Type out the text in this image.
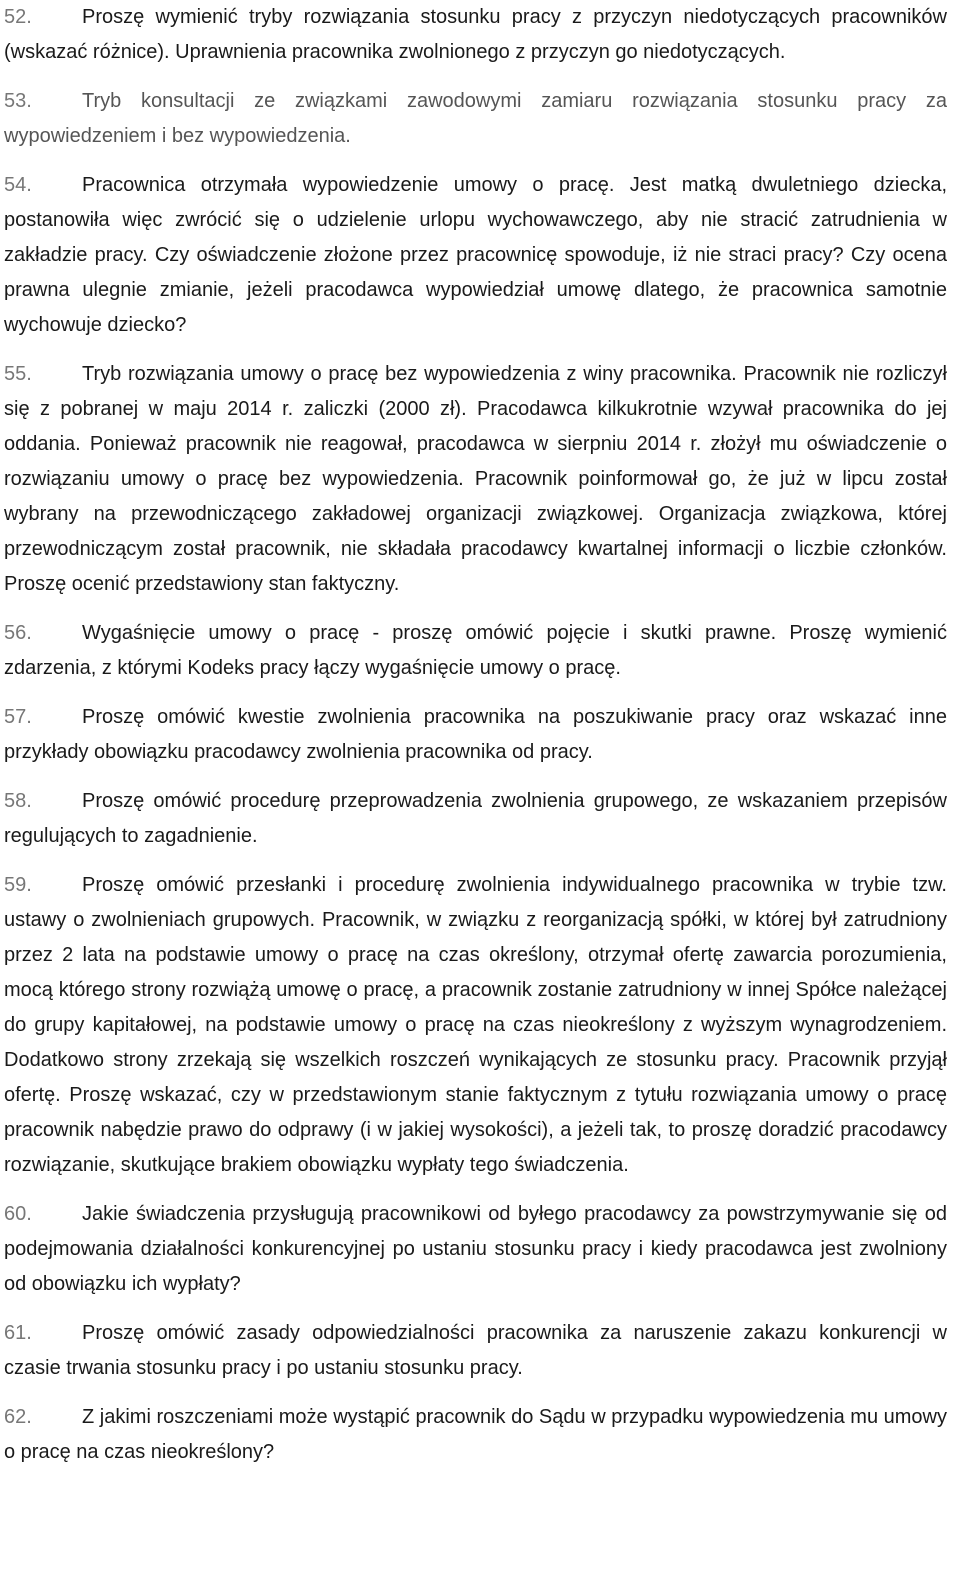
52.	Proszę wymienić tryby rozwiązania stosunku pracy z przyczyn niedotyczących pracowników (wskazać różnice). Uprawnienia pracownika zwolnionego z przyczyn go niedotyczących.

53.	Tryb konsultacji ze związkami zawodowymi zamiaru rozwiązania stosunku pracy za wypowiedzeniem i bez wypowiedzenia.

54.	Pracownica otrzymała wypowiedzenie umowy o pracę. Jest matką dwuletniego dziecka, postanowiła więc zwrócić się o udzielenie urlopu wychowawczego, aby nie stracić zatrudnienia w zakładzie pracy. Czy oświadczenie złożone przez pracownicę spowoduje, iż nie straci pracy? Czy ocena prawna ulegnie zmianie, jeżeli pracodawca wypowiedział umowę dlatego, że pracownica samotnie wychowuje dziecko?

55.	Tryb rozwiązania umowy o pracę bez wypowiedzenia z winy pracownika. Pracownik nie rozliczył się z pobranej w maju 2014 r. zaliczki (2000 zł). Pracodawca kilkukrotnie wzywał pracownika do jej oddania. Ponieważ pracownik nie reagował, pracodawca w sierpniu 2014 r. złożył mu oświadczenie o rozwiązaniu umowy o pracę bez wypowiedzenia. Pracownik poinformował go, że już w lipcu został wybrany na przewodniczącego zakładowej organizacji związkowej. Organizacja związkowa, której przewodniczącym został pracownik, nie składała pracodawcy kwartalnej informacji o liczbie członków. Proszę ocenić przedstawiony stan faktyczny.

56.	Wygaśnięcie umowy o pracę - proszę omówić pojęcie i skutki prawne. Proszę wymienić zdarzenia, z którymi Kodeks pracy łączy wygaśnięcie umowy o pracę.

57.	Proszę omówić kwestie zwolnienia pracownika na poszukiwanie pracy oraz wskazać inne przykłady obowiązku pracodawcy zwolnienia pracownika od pracy.

58.	Proszę omówić procedurę przeprowadzenia zwolnienia grupowego, ze wskazaniem przepisów regulujących to zagadnienie.

59.	Proszę omówić przesłanki i procedurę zwolnienia indywidualnego pracownika w trybie tzw. ustawy o zwolnieniach grupowych. Pracownik, w związku z reorganizacją spółki, w której był zatrudniony przez 2 lata na podstawie umowy o pracę na czas określony, otrzymał ofertę zawarcia porozumienia, mocą którego strony rozwiążą umowę o pracę, a pracownik zostanie zatrudniony w innej Spółce należącej do grupy kapitałowej, na podstawie umowy o pracę na czas nieokreślony z wyższym wynagrodzeniem. Dodatkowo strony zrzekają się wszelkich roszczeń wynikających ze stosunku pracy. Pracownik przyjął ofertę. Proszę wskazać, czy w przedstawionym stanie faktycznym z tytułu rozwiązania umowy o pracę pracownik nabędzie prawo do odprawy (i w jakiej wysokości), a jeżeli tak, to proszę doradzić pracodawcy rozwiązanie, skutkujące brakiem obowiązku wypłaty tego świadczenia.

60.	Jakie świadczenia przysługują pracownikowi od byłego pracodawcy za powstrzymywanie się od podejmowania działalności konkurencyjnej po ustaniu stosunku pracy i kiedy pracodawca jest zwolniony od obowiązku ich wypłaty?

61.	Proszę omówić zasady odpowiedzialności pracownika za naruszenie zakazu konkurencji w czasie trwania stosunku pracy i po ustaniu stosunku pracy.

62.	Z jakimi roszczeniami może wystąpić pracownik do Sądu w przypadku wypowiedzenia mu umowy o pracę na czas nieokreślony?
